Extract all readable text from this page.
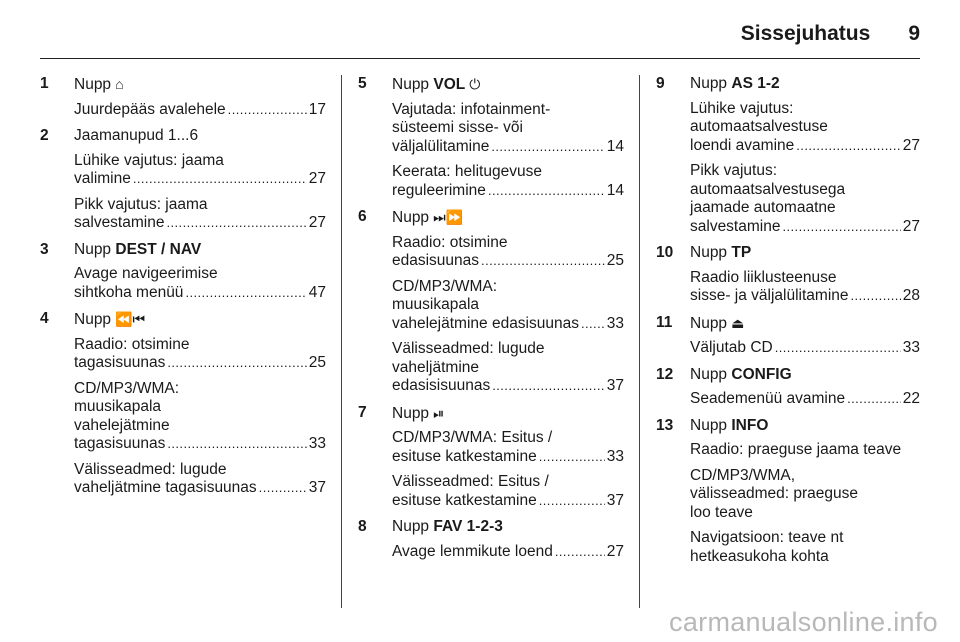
Sissejuhatus 9
1	Nupp ⌂
Juurdepääs avalehele . . .	17
2	Jaamanupud 1...6
Lühike vajutus: jaama
valimine . . .	27
Pikk vajutus: jaama
salvestamine . . .	27
3	Nupp DEST / NAV
Avage navigeerimise
sihtkoha menüü . . .	47
4	Nupp ⏪⏮
Raadio: otsimine
tagasisuunas . . .	25
CD/MP3/WMA:
muusikapala
vahelejätmine
tagasisuunas . . .	33
Välisseadmed: lugude
vaheljätmine tagasisuunas . . .	37
5	Nupp VOL ⏻
Vajutada: infotainment-
süsteemi sisse- või
väljalülitamine . . .	14
Keerata: helitugevuse
reguleerimine . . .	14
6	Nupp ⏭⏩
Raadio: otsimine
edasisuunas . . .	25
CD/MP3/WMA:
muusikapala
vahelejätmine edasisuunas . . . 33
Välisseadmed: lugude
vaheljätmine
edasisisuunas . . .	37
7	Nupp ⏯
CD/MP3/WMA: Esitus /
esituse katkestamine . . .	33
Välisseadmed: Esitus /
esituse katkestamine . . .	37
8	Nupp FAV 1-2-3
Avage lemmikute loend . . .	27
9	Nupp AS 1-2
Lühike vajutus:
automaatsalvestuse
loendi avamine . . .	27
Pikk vajutus:
automaatsalvestusega
jaamade automaatne
salvestamine . . .	27
10	Nupp TP
Raadio liiklusteenuse
sisse- ja väljalülitamine . . .	28
11	Nupp ⏏
Väljutab CD . . .	33
12	Nupp CONFIG
Seademenüü avamine . . .	22
13	Nupp INFO
Raadio: praeguse jaama teave
CD/MP3/WMA,
välisseadmed: praeguse
loo teave
Navigatsioon: teave nt
hetkeasukoha kohta
carmanualsonline.info
